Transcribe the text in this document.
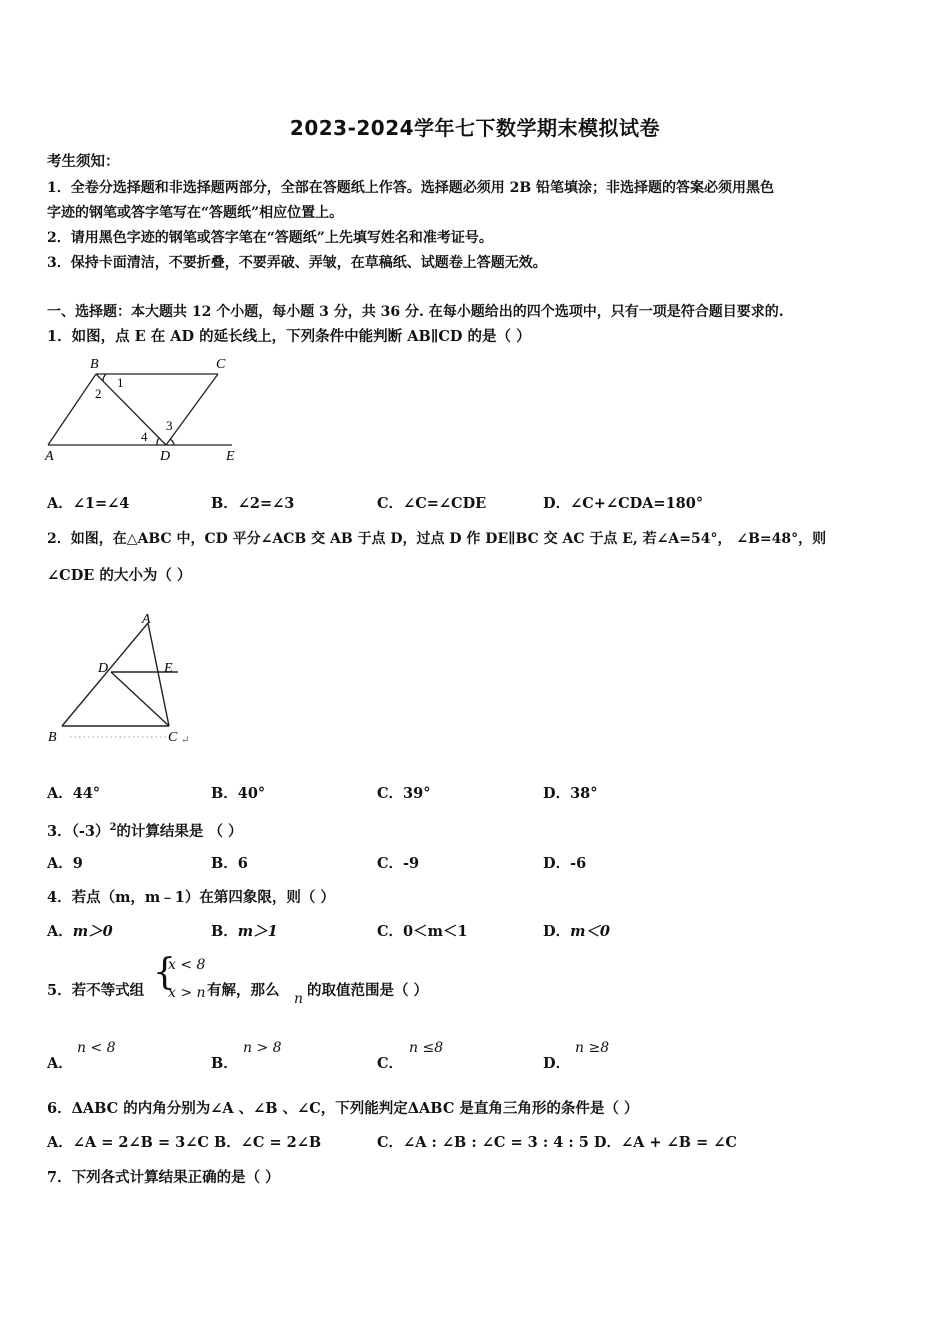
2023-2024学年七下数学期末模拟试卷
考生须知：
1．全卷分选择题和非选择题两部分，全部在答题纸上作答。选择题必须用 2B 铅笔填涂；非选择题的答案必须用黑色
字迹的钢笔或答字笔写在“答题纸”相应位置上。
2．请用黑色字迹的钢笔或答字笔在“答题纸”上先填写姓名和准考证号。
3．保持卡面清洁，不要折叠，不要弄破、弄皱，在草稿纸、试题卷上答题无效。
一、选择题：本大题共 12 个小题，每小题 3 分，共 36 分. 在每小题给出的四个选项中，只有一项是符合题目要求的.
1．如图，点 E 在 AD 的延长线上，下列条件中能判断 AB∥CD 的是（ ）
B	C
A	D	E
1
2
3
4
A．∠1=∠4	B．∠2=∠3	C．∠C=∠CDE	D．∠C+∠CDA=180°
2．如图，在△ABC 中，CD 平分∠ACB 交 AB 于点 D，过点 D 作 DE∥BC 交 AC 于点 E, 若∠A=54°， ∠B=48°，则
∠CDE 的大小为（ ）
A
B	C ↵
D	E
A．44°	B．40°	C．39°	D．38°
3．$(-3)^2$的计算结果是 （ ）
A．9	B．6	C．-9	D．-6
4．若点（m，m﹣1）在第四象限，则（ ）
A．m＞0	B．m＞1	C．0＜m＜1	D．m＜0
5．若不等式组 {
x < 8
x > n 有解，那么 n 的取值范围是（ ）
A．
n < 8
B．
n > 8
C．
n ≤8
D．
n ≥8
6．ΔABC 的内角分别为∠A 、∠B 、∠C，下列能判定ΔABC 是直角三角形的条件是（ ）
A．∠A = 2∠B = 3∠C B．∠C = 2∠B	C．∠A : ∠B : ∠C = 3 : 4 : 5 D．∠A + ∠B = ∠C
7．下列各式计算结果正确的是（ ）
